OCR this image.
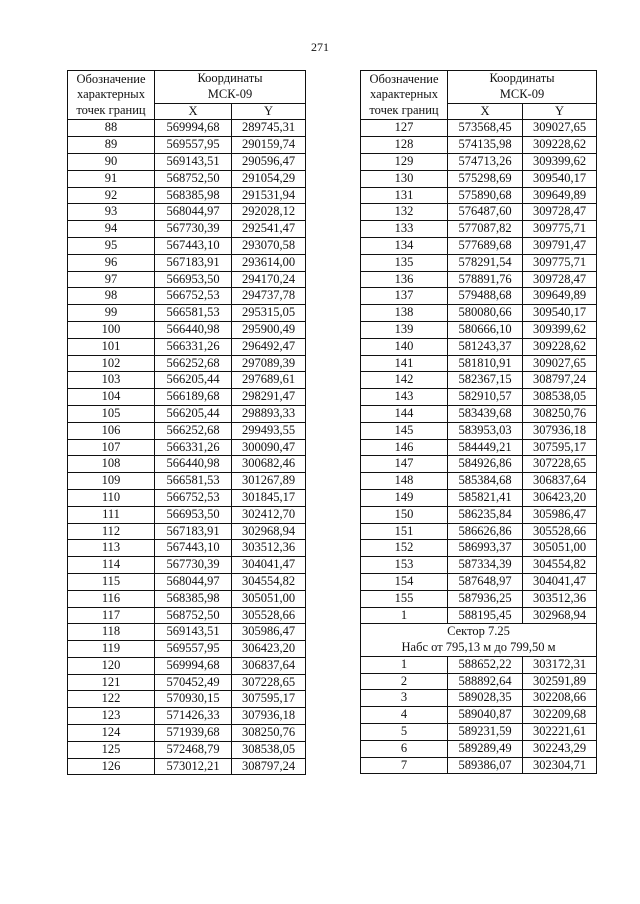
271
Обозначение
характерных
точек границ	Координаты	
	МСК-09	
	X	Y
88	569994,68	289745,31
89	569557,95	290159,74
90	569143,51	290596,47
91	568752,50	291054,29
92	568385,98	291531,94
93	568044,97	292028,12
94	567730,39	292541,47
95	567443,10	293070,58
96	567183,91	293614,00
97	566953,50	294170,24
98	566752,53	294737,78
99	566581,53	295315,05
100	566440,98	295900,49
101	566331,26	296492,47
102	566252,68	297089,39
103	566205,44	297689,61
104	566189,68	298291,47
105	566205,44	298893,33
106	566252,68	299493,55
107	566331,26	300090,47
108	566440,98	300682,46
109	566581,53	301267,89
110	566752,53	301845,17
111	566953,50	302412,70
112	567183,91	302968,94
113	567443,10	303512,36
114	567730,39	304041,47
115	568044,97	304554,82
116	568385,98	305051,00
117	568752,50	305528,66
118	569143,51	305986,47
119	569557,95	306423,20
120	569994,68	306837,64
121	570452,49	307228,65
122	570930,15	307595,17
123	571426,33	307936,18
124	571939,68	308250,76
125	572468,79	308538,05
126	573012,21	308797,24
Обозначение
характерных
точек границ	Координаты	
	МСК-09	
	X	Y
127	573568,45	309027,65
128	574135,98	309228,62
129	574713,26	309399,62
130	575298,69	309540,17
131	575890,68	309649,89
132	576487,60	309728,47
133	577087,82	309775,71
134	577689,68	309791,47
135	578291,54	309775,71
136	578891,76	309728,47
137	579488,68	309649,89
138	580080,66	309540,17
139	580666,10	309399,62
140	581243,37	309228,62
141	581810,91	309027,65
142	582367,15	308797,24
143	582910,57	308538,05
144	583439,68	308250,76
145	583953,03	307936,18
146	584449,21	307595,17
147	584926,86	307228,65
148	585384,68	306837,64
149	585821,41	306423,20
150	586235,84	305986,47
151	586626,86	305528,66
152	586993,37	305051,00
153	587334,39	304554,82
154	587648,97	304041,47
155	587936,25	303512,36
1	588195,45	302968,94
Сектор 7.25		
Набс от 795,13 м до 799,50 м		
1	588652,22	303172,31
2	588892,64	302591,89
3	589028,35	302208,66
4	589040,87	302209,68
5	589231,59	302221,61
6	589289,49	302243,29
7	589386,07	302304,71
